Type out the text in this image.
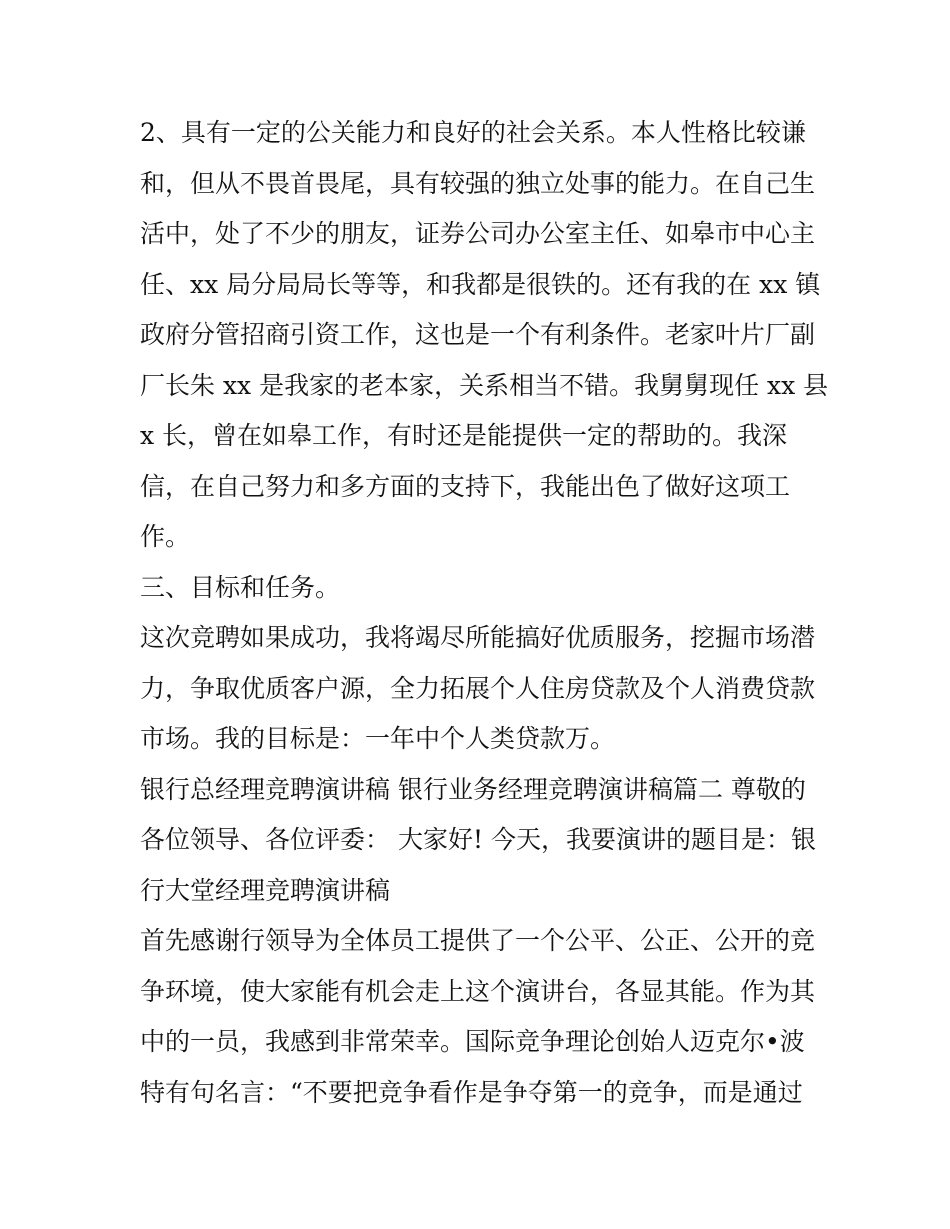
2、具有一定的公关能力和良好的社会关系。本人性格比较谦
和，但从不畏首畏尾，具有较强的独立处事的能力。在自己生
活中，处了不少的朋友，证券公司办公室主任、如皋市中心主
任、xx 局分局局长等等，和我都是很铁的。还有我的在 xx 镇
政府分管招商引资工作，这也是一个有利条件。老家叶片厂副
厂长朱 xx 是我家的老本家，关系相当不错。我舅舅现任 xx 县
x 长，曾在如皋工作，有时还是能提供一定的帮助的。我深
信，在自己努力和多方面的支持下，我能出色了做好这项工
作。
三、目标和任务。
这次竞聘如果成功，我将竭尽所能搞好优质服务，挖掘市场潜
力，争取优质客户源，全力拓展个人住房贷款及个人消费贷款
市场。我的目标是：一年中个人类贷款万。
银行总经理竞聘演讲稿 银行业务经理竞聘演讲稿篇二 尊敬的
各位领导、各位评委： 大家好! 今天，我要演讲的题目是：银
行大堂经理竞聘演讲稿
首先感谢行领导为全体员工提供了一个公平、公正、公开的竞
争环境，使大家能有机会走上这个演讲台，各显其能。作为其
中的一员，我感到非常荣幸。国际竞争理论创始人迈克尔•波
特有句名言：“不要把竞争看作是争夺第一的竞争，而是通过
